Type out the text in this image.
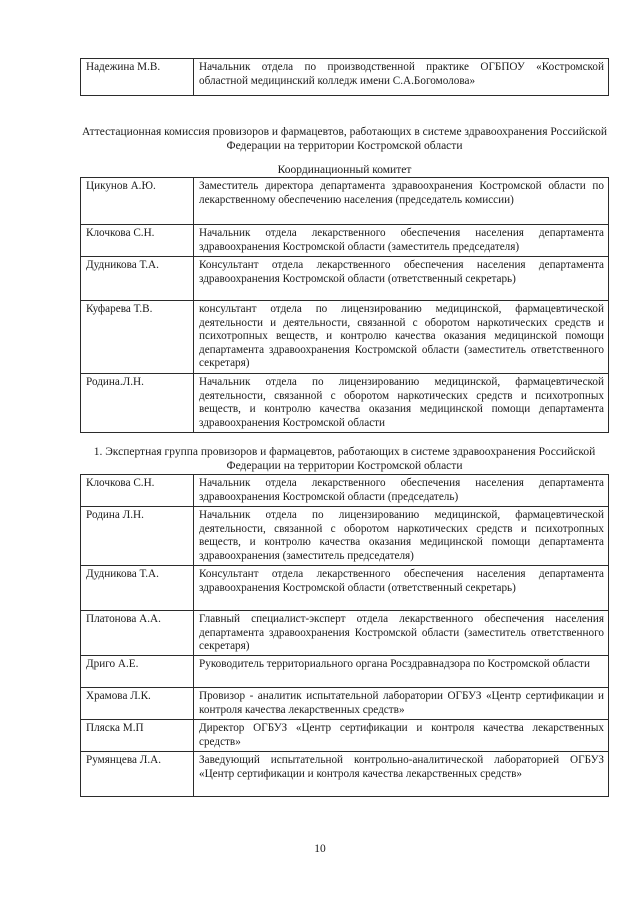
Надежина М.В.	Начальник отдела по производственной практике ОГБПОУ «Костромской областной медицинский колледж имени С.А.Богомолова»
Аттестационная комиссия провизоров и фармацевтов, работающих в системе здравоохранения Российской Федерации на территории Костромской области
Координационный комитет
Цикунов А.Ю.	Заместитель директора департамента здравоохранения Костромской области по лекарственному обеспечению населения (председатель комиссии)
Клочкова С.Н.	Начальник отдела лекарственного обеспечения населения департамента здравоохранения Костромской области (заместитель председателя)
Дудникова Т.А.	Консультант отдела лекарственного обеспечения населения департамента здравоохранения Костромской области (ответственный секретарь)
Куфарева Т.В.	консультант отдела по лицензированию медицинской, фармацевтической деятельности и деятельности, связанной с оборотом наркотических средств и психотропных веществ, и контролю качества оказания медицинской помощи департамента здравоохранения Костромской области (заместитель ответственного секретаря)
Родина.Л.Н.	Начальник отдела по лицензированию медицинской, фармацевтической деятельности, связанной с оборотом наркотических средств и психотропных веществ, и контролю качества оказания медицинской помощи департамента здравоохранения Костромской области
1. Экспертная группа провизоров и фармацевтов, работающих в системе здравоохранения Российской Федерации на территории Костромской области
Клочкова С.Н.	Начальник отдела лекарственного обеспечения населения департамента здравоохранения Костромской области (председатель)
Родина Л.Н.	Начальник отдела по лицензированию медицинской, фармацевтической деятельности, связанной с оборотом наркотических средств и психотропных веществ, и контролю качества оказания медицинской помощи департамента здравоохранения (заместитель председателя)
Дудникова Т.А.	Консультант отдела лекарственного обеспечения населения департамента здравоохранения Костромской области (ответственный секретарь)
Платонова А.А.	Главный специалист-эксперт отдела лекарственного обеспечения населения департамента здравоохранения Костромской области (заместитель ответственного секретаря)
Дриго А.Е.	Руководитель территориального органа Росздравнадзора по Костромской области
Храмова Л.К.	Провизор - аналитик испытательной лаборатории ОГБУЗ «Центр сертификации и контроля качества лекарственных средств»
Пляска М.П	Директор ОГБУЗ «Центр сертификации и контроля качества лекарственных средств»
Румянцева Л.А.	Заведующий испытательной контрольно-аналитической лабораторией ОГБУЗ «Центр сертификации и контроля качества лекарственных средств»
10
